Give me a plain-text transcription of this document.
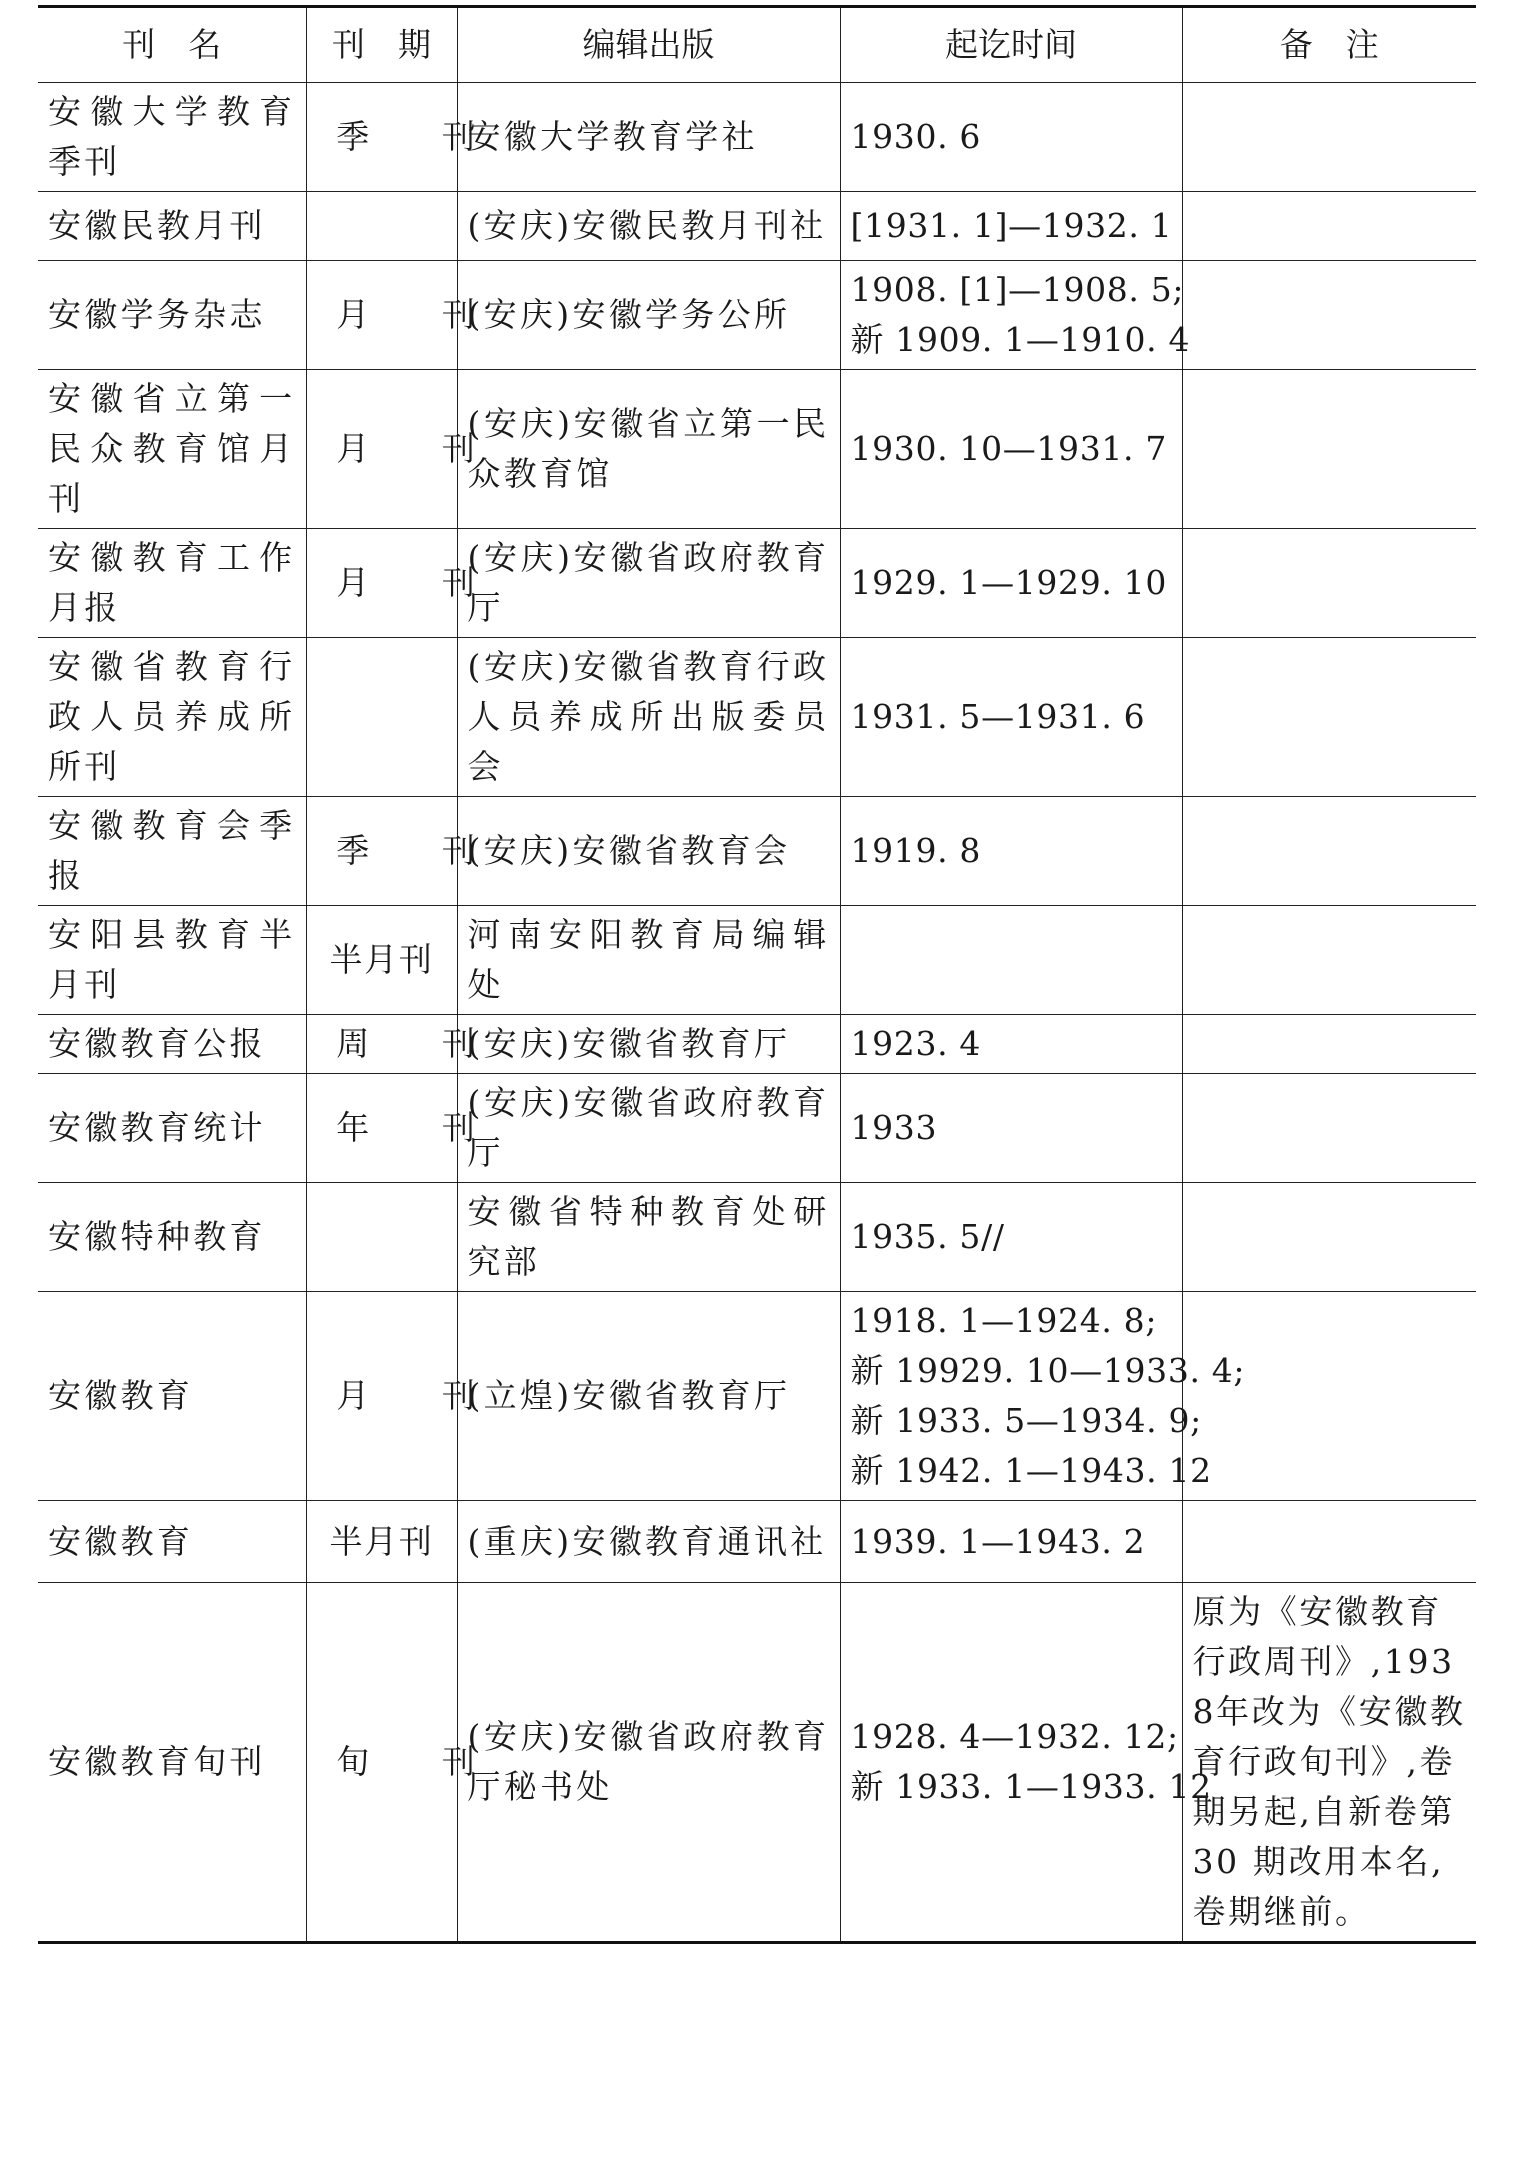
刊　名	刊　期	编辑出版	起讫时间	备　注
安徽大学教育季刊	季　刊	安徽大学教育学社	1930. 6	

安徽民教月刊		(安庆)安徽民教月刊社	[1931. 1]—1932. 1	

安徽学务杂志	月　刊	(安庆)安徽学务公所	1908. [1]—1908. 5;
新 1909. 1—1910. 4	

安徽省立第一民众教育馆月刊	月　刊	(安庆)安徽省立第一民众教育馆	1930. 10—1931. 7	

安徽教育工作月报	月　刊	(安庆)安徽省政府教育厅	1929. 1—1929. 10	

安徽省教育行政人员养成所所刊		(安庆)安徽省教育行政人员养成所出版委员会	1931. 5—1931. 6	

安徽教育会季报	季　刊	(安庆)安徽省教育会	1919. 8	

安阳县教育半月刊	半月刊	河南安阳教育局编辑处	

安徽教育公报	周　刊	(安庆)安徽省教育厅	1923. 4	

安徽教育统计	年　刊	(安庆)安徽省政府教育厅	1933	

安徽特种教育		安徽省特种教育处研究部	1935. 5//	

安徽教育	月　刊	(立煌)安徽省教育厅	1918. 1—1924. 8;
新 19929. 10—1933. 4;
新 1933. 5—1934. 9;
新 1942. 1—1943. 12	

安徽教育	半月刊	(重庆)安徽教育通讯社	1939. 1—1943. 2	

安徽教育旬刊	旬　刊	(安庆)安徽省政府教育厅秘书处	1928. 4—1932. 12;
新 1933. 1—1933. 12	原为《安徽教育行政周刊》,1938年改为《安徽教育行政旬刊》,卷期另起,自新卷第 30 期改用本名,卷期继前。
